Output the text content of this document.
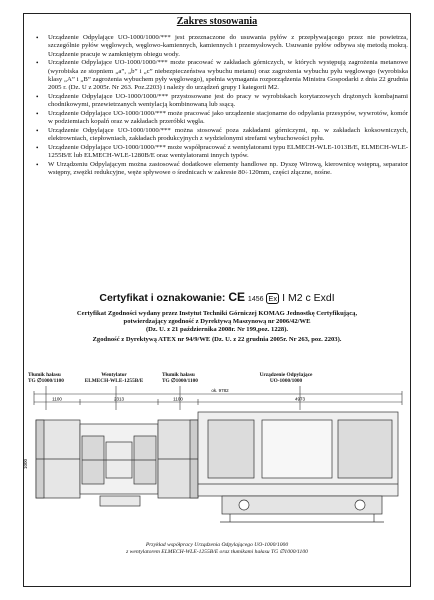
Zakres stosowania
• Urządzenie Odpylające UO-1000/1000/*** jest przeznaczone do usuwania pyłów z przepływającego przez nie powietrza, szczególnie pyłów węglowych, węglowo-kamiennych, kamiennych i przemysłowych. Usuwanie pyłów odbywa się metodą mokrą. Urządzenie pracuje w zamkniętym obiegu wody.
• Urządzenie Odpylające UO-1000/1000/*** może pracować w zakładach górniczych, w których występują zagrożenia metanowe (wyrobiska ze stopniem „a”, „b” i „c” niebezpieczeństwa wybuchu metanu) oraz zagrożenia wybuchu pyłu węglowego (wyrobiska klasy „A” i „B” zagrożenia wybuchem pyły węglowego), spełnia wymagania rozporządzenia Ministra Gospodarki z dnia 22 grudnia 2005 r. (Dz. U z 2005r. Nr 263. Poz.2203) i należy do urządzeń grupy I kategorii M2.
• Urządzenie Odpylające UO-1000/1000/*** przystosowane jest do pracy w wyrobiskach korytarzowych drążonych kombajnami chodnikowymi, przewietrzanych wentylacją kombinowaną lub ssącą.
• Urządzenie Odpylające UO-1000/1000/*** może pracować jako urządzenie stacjonarne do odpylania przesypów, wywrotów, komór w podziemiach kopalń oraz w zakładach przeróbki węgla.
• Urządzenie Odpylające UO-1000/1000/*** można stosować poza zakładami górniczymi, np. w zakładach koksowniczych, elektrowniach, ciepłowniach, zakładach produkcyjnych z wydzielonymi strefami wybuchowości pyłu.
• Urządzenie Odpylające UO-1000/1000/*** może współpracować z wentylatorami typu ELMECH-WLE-1013B/E, ELMECH-WLE-1255B/E lub ELMECH-WLE-1280B/E oraz wentylatorami innych typów.
• W Urządzeniu Odpylającym można zastosować dodatkowe elementy handlowe np. Dyszę Wirową, kierownicę wstępną, separator wstępny, zwężki redukcyjne, węże spływowe o średnicach w zakresie 80÷120mm, części złączne, nośne.
Certyfikat i oznakowanie: CE 1456 Ex I M2 c ExdI

Certyfikat Zgodności wydany przez Instytut Techniki Górniczej KOMAG Jednostkę Certyfikującą,

potwierdzający zgodność z Dyrektywą Maszynową nr 2006/42/WE

(Dz. U. z 21 października 2008r. Nr 199,poz. 1228).

Zgodność z Dyrektywą ATEX nr 94/9/WE (Dz. U. z 22 grudnia 2005r. Nr 263, poz. 2203).

Tłumik hałasu
TG ∅1000/1100
Wentylator
ELMECH-WLE-1255B/E
Tłumik hałasu
TG ∅1000/1100
Urządzenie Odpylające
UO-1000/1000
ok. 9782
1100	2313	1100	4973
1000
Przykład współpracy Urządzenia Odpylającego UO-1000/1000
z wentylatorem ELMECH-WLE-1255B/E oraz tłumikami hałasu TG ∅1000/1100
